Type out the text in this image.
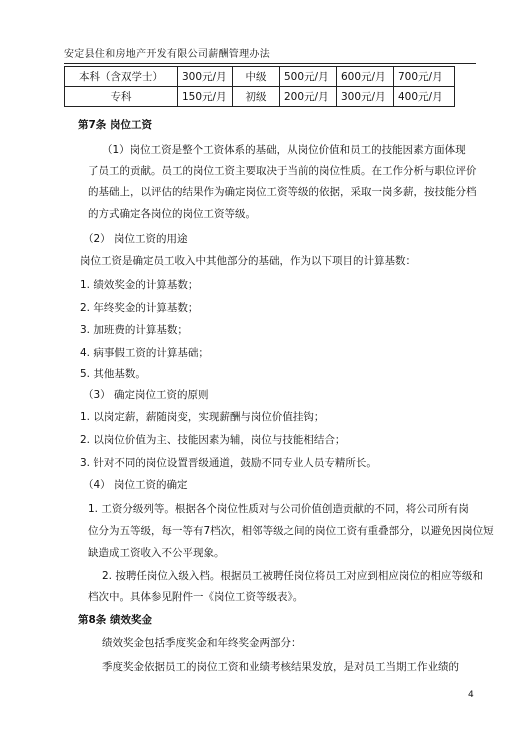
安定县住和房地产开发有限公司薪酬管理办法
本科（含双学士）	300元/月	中级	500元/月	600元/月	700元/月
专科	150元/月	初级	200元/月	300元/月	400元/月
第7条 岗位工资
（1）岗位工资是整个工资体系的基础，从岗位价值和员工的技能因素方面体现
了员工的贡献。员工的岗位工资主要取决于当前的岗位性质。在工作分析与职位评价
的基础上，以评估的结果作为确定岗位工资等级的依据，采取一岗多薪，按技能分档
的方式确定各岗位的岗位工资等级。
（2） 岗位工资的用途
岗位工资是确定员工收入中其他部分的基础，作为以下项目的计算基数：
1. 绩效奖金的计算基数；
2. 年终奖金的计算基数；
3. 加班费的计算基数；
4. 病事假工资的计算基础；
5. 其他基数。
（3） 确定岗位工资的原则
1. 以岗定薪，薪随岗变，实现薪酬与岗位价值挂钩；
2. 以岗位价值为主、技能因素为辅，岗位与技能相结合；
3. 针对不同的岗位设置晋级通道，鼓励不同专业人员专精所长。
（4） 岗位工资的确定
1. 工资分级列等。根据各个岗位性质对与公司价值创造贡献的不同，将公司所有岗
位分为五等级，每一等有7档次，相邻等级之间的岗位工资有重叠部分，以避免因岗位短
缺造成工资收入不公平现象。
2. 按聘任岗位入级入档。根据员工被聘任岗位将员工对应到相应岗位的相应等级和
档次中。具体参见附件一《岗位工资等级表》。
第8条 绩效奖金
绩效奖金包括季度奖金和年终奖金两部分：
季度奖金依据员工的岗位工资和业绩考核结果发放，是对员工当期工作业绩的
4
